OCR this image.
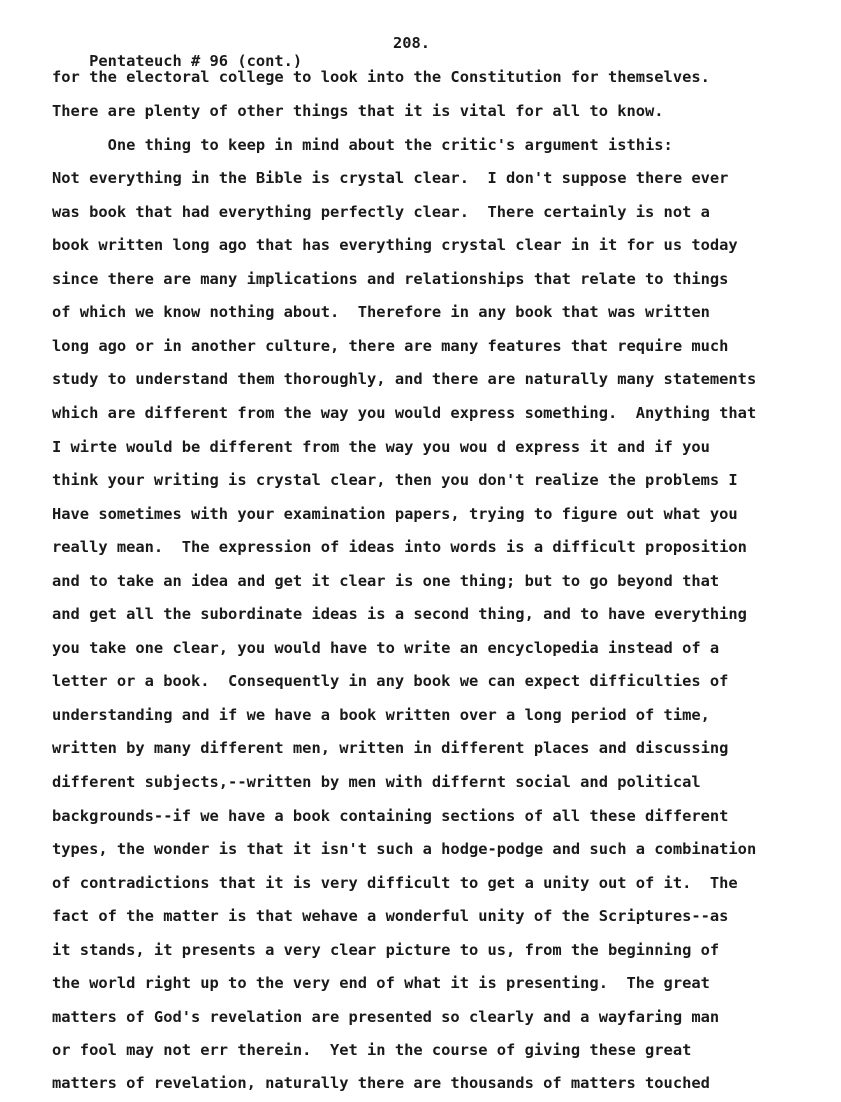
Pentateuch # 96 (cont.)

208.

for the electoral college to look into the Constitution for themselves.
There are plenty of other things that it is vital for all to know.
One thing to keep in mind about the critic's argument isthis:
Not everything in the Bible is crystal clear.  I don't suppose there ever
was book that had everything perfectly clear.  There certainly is not a
book written long ago that has everything crystal clear in it for us today
since there are many implications and relationships that relate to things
of which we know nothing about.  Therefore in any book that was written
long ago or in another culture, there are many features that require much
study to understand them thoroughly, and there are naturally many statements
which are different from the way you would express something.  Anything that
I wirte would be different from the way you wou d express it and if you
think your writing is crystal clear, then you don't realize the problems I
Have sometimes with your examination papers, trying to figure out what you
really mean.  The expression of ideas into words is a difficult proposition
and to take an idea and get it clear is one thing; but to go beyond that
and get all the subordinate ideas is a second thing, and to have everything
you take one clear, you would have to write an encyclopedia instead of a
letter or a book.  Consequently in any book we can expect difficulties of
understanding and if we have a book written over a long period of time,
written by many different men, written in different places and discussing
different subjects,--written by men with differnt social and political
backgrounds--if we have a book containing sections of all these different
types, the wonder is that it isn't such a hodge-podge and such a combination
of contradictions that it is very difficult to get a unity out of it.  The
fact of the matter is that wehave a wonderful unity of the Scriptures--as
it stands, it presents a very clear picture to us, from the beginning of
the world right up to the very end of what it is presenting.  The great
matters of God's revelation are presented so clearly and a wayfaring man
or fool may not err therein.  Yet in the course of giving these great
matters of revelation, naturally there are thousands of matters touched
